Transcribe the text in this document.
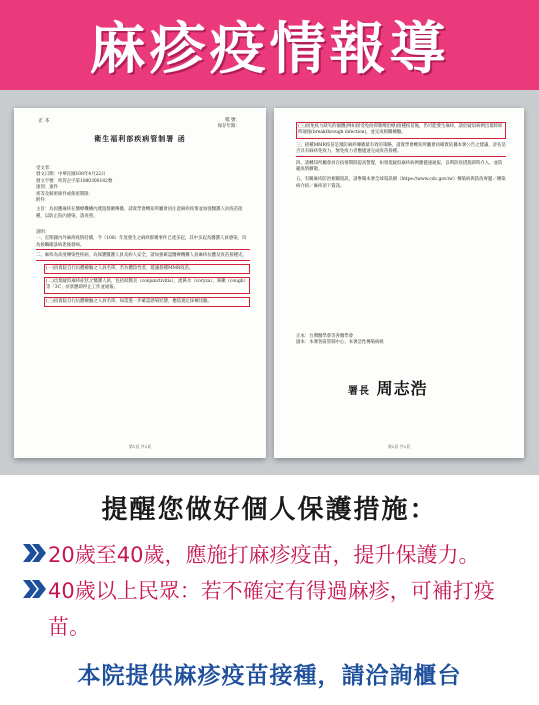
麻疹疫情報導
正 本	檔 號：
保存年限：
衛生福利部疾病管制署 函
受文者：
發文日期：中華民國108年4月22日
發文字號：疾管企字第1080300182號
速別：速件
密等及解密條件或保密期限：
附件：
主旨：為因應麻疹在醫療機構內透過群聚傳播，請貴學會轉知所屬會員注意麻疹疫情並加強醫護人員疫苗接種，以防止院內感染，請查照。
說明：
一、近期國內外麻疹疫情持續，今（108）年度發生之麻疹群聚事件已達多起，其中多起為醫護人員感染，均為接觸確診病患後發病。
二、麻疹為高度傳染性疾病，為保護醫護人員及病人安全，請加強確認醫療機構人員麻疹抗體及疫苗接種史。
(一)因貴院自行抗體檢驗之人員名單，若抗體陰性者，建議接種MMR疫苗。
(二)出現疑似麻疹症狀之醫護人員，包括結膜炎（conjunctivitis）、流鼻水（coryza）、咳嗽（cough）等「3C」症狀應即停止工作並通報。
(三)因貴院自行抗體檢驗之人員名單，如需進一步確認感染狀態，應依規定採檢送驗。
第1頁 共2頁
(三)因免疫力缺失的個體(例如接受免疫抑制劑治療)接種疫苗後，仍可能發生麻疹，請於疑似病例出現時即時通報(breakthrough infection)，並完成相關檢驗。
三、接種MMR疫苗是預防麻疹傳播最有效的策略，請貴學會轉知所屬會員確實依據本署公告之建議，評估是否具有麻疹免疫力，無免疫力者應儘速完成疫苗接種。
四、請轉知所屬會員在疫情期間提高警覺，如發現疑似麻疹病例應儘速通報，以利防疫措施即時介入，並防範疫情擴散。
五、有關麻疹防治相關資訊，請參閱本署全球資訊網（https://www.cdc.gov.tw）傳染病與防疫專題／傳染病介紹／麻疹項下資訊。
正本：台灣醫學會等各醫學會
副本：本署各區管制中心、本署急性傳染病組
署長 周志浩
第2頁 共2頁
提醒您做好個人保護措施：
20歲至40歲，應施打麻疹疫苗，提升保護力。
40歲以上民眾：若不確定有得過麻疹，可補打疫苗。
本院提供麻疹疫苗接種，請洽詢櫃台
